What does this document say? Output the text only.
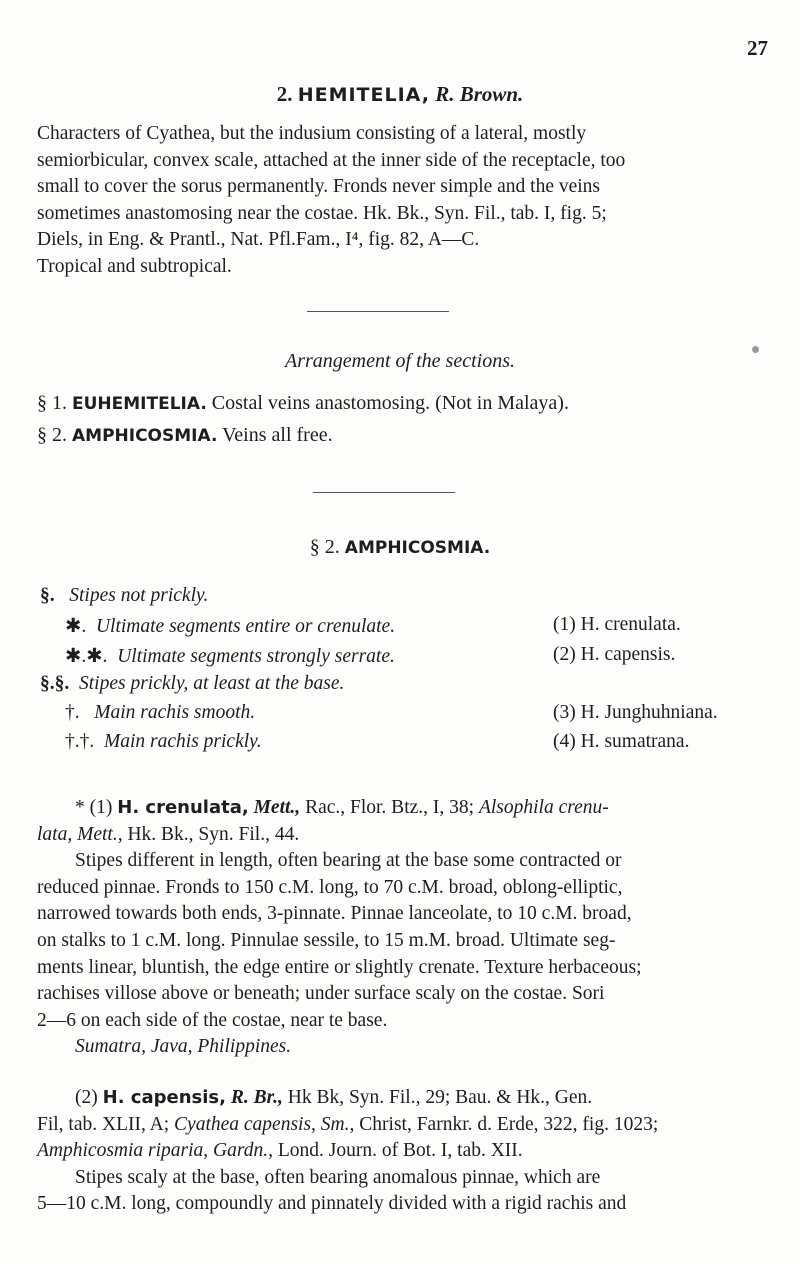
27
2. HEMITELIA, R. Brown.
Characters of Cyathea, but the indusium consisting of a lateral, mostly
semiorbicular, convex scale, attached at the inner side of the receptacle, too
small to cover the sorus permanently. Fronds never simple and the veins
sometimes anastomosing near the costae. Hk. Bk., Syn. Fil., tab. I, fig. 5;
Diels, in Eng. & Prantl., Nat. Pfl.Fam., I⁴, fig. 82, A—C.
Tropical and subtropical.
Arrangement of the sections.
§ 1. EUHEMITELIA. Costal veins anastomosing. (Not in Malaya).
§ 2. AMPHICOSMIA. Veins all free.
§ 2. AMPHICOSMIA.
§. Stipes not prickly.
✱. Ultimate segments entire or crenulate.	(1) H. crenulata.
✱.✱. Ultimate segments strongly serrate.	(2) H. capensis.
§.§. Stipes prickly, at least at the base.
†. Main rachis smooth.	(3) H. Junghuhniana.
†.†. Main rachis prickly.	(4) H. sumatrana.
* (1) H. crenulata, Mett., Rac., Flor. Btz., I, 38; Alsophila crenu-
lata, Mett., Hk. Bk., Syn. Fil., 44.
Stipes different in length, often bearing at the base some contracted or
reduced pinnae. Fronds to 150 c.M. long, to 70 c.M. broad, oblong-elliptic,
narrowed towards both ends, 3-pinnate. Pinnae lanceolate, to 10 c.M. broad,
on stalks to 1 c.M. long. Pinnulae sessile, to 15 m.M. broad. Ultimate seg-
ments linear, bluntish, the edge entire or slightly crenate. Texture herbaceous;
rachises villose above or beneath; under surface scaly on the costae. Sori
2—6 on each side of the costae, near te base.
Sumatra, Java, Philippines.
(2) H. capensis, R. Br., Hk Bk, Syn. Fil., 29; Bau. & Hk., Gen.
Fil, tab. XLII, A; Cyathea capensis, Sm., Christ, Farnkr. d. Erde, 322, fig. 1023;
Amphicosmia riparia, Gardn., Lond. Journ. of Bot. I, tab. XII.
Stipes scaly at the base, often bearing anomalous pinnae, which are
5—10 c.M. long, compoundly and pinnately divided with a rigid rachis and
